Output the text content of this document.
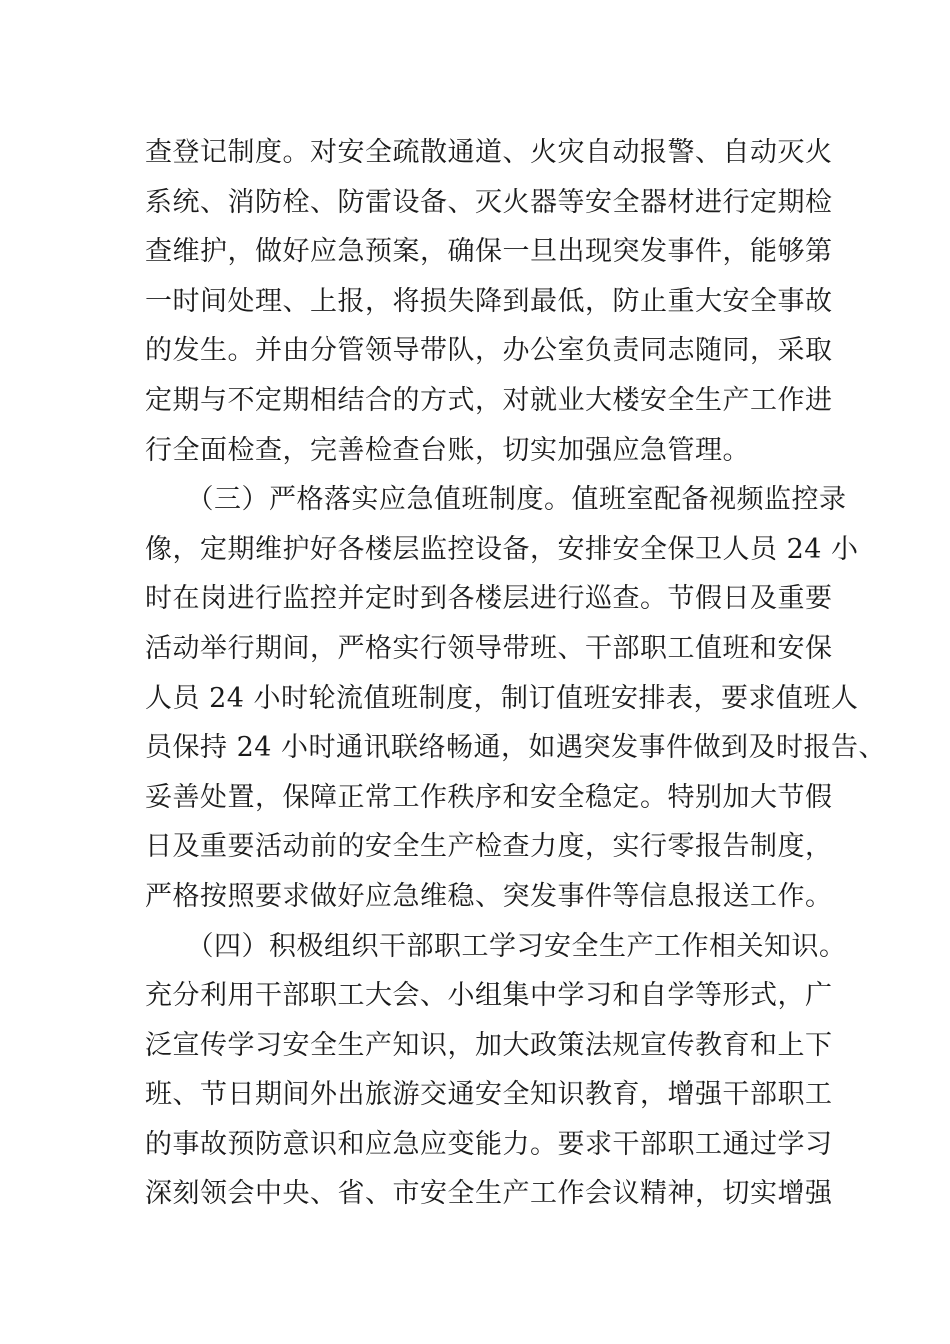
查登记制度。对安全疏散通道、火灾自动报警、自动灭火
系统、消防栓、防雷设备、灭火器等安全器材进行定期检
查维护，做好应急预案，确保一旦出现突发事件，能够第
一时间处理、上报，将损失降到最低，防止重大安全事故
的发生。并由分管领导带队，办公室负责同志随同，采取
定期与不定期相结合的方式，对就业大楼安全生产工作进
行全面检查，完善检查台账，切实加强应急管理。
　　（三）严格落实应急值班制度。值班室配备视频监控录
像，定期维护好各楼层监控设备，安排安全保卫人员 24 小
时在岗进行监控并定时到各楼层进行巡查。节假日及重要
活动举行期间，严格实行领导带班、干部职工值班和安保
人员 24 小时轮流值班制度，制订值班安排表，要求值班人
员保持 24 小时通讯联络畅通，如遇突发事件做到及时报告、
妥善处置，保障正常工作秩序和安全稳定。特别加大节假
日及重要活动前的安全生产检查力度，实行零报告制度，
严格按照要求做好应急维稳、突发事件等信息报送工作。
　　（四）积极组织干部职工学习安全生产工作相关知识。
充分利用干部职工大会、小组集中学习和自学等形式，广
泛宣传学习安全生产知识，加大政策法规宣传教育和上下
班、节日期间外出旅游交通安全知识教育，增强干部职工
的事故预防意识和应急应变能力。要求干部职工通过学习
深刻领会中央、省、市安全生产工作会议精神，切实增强
